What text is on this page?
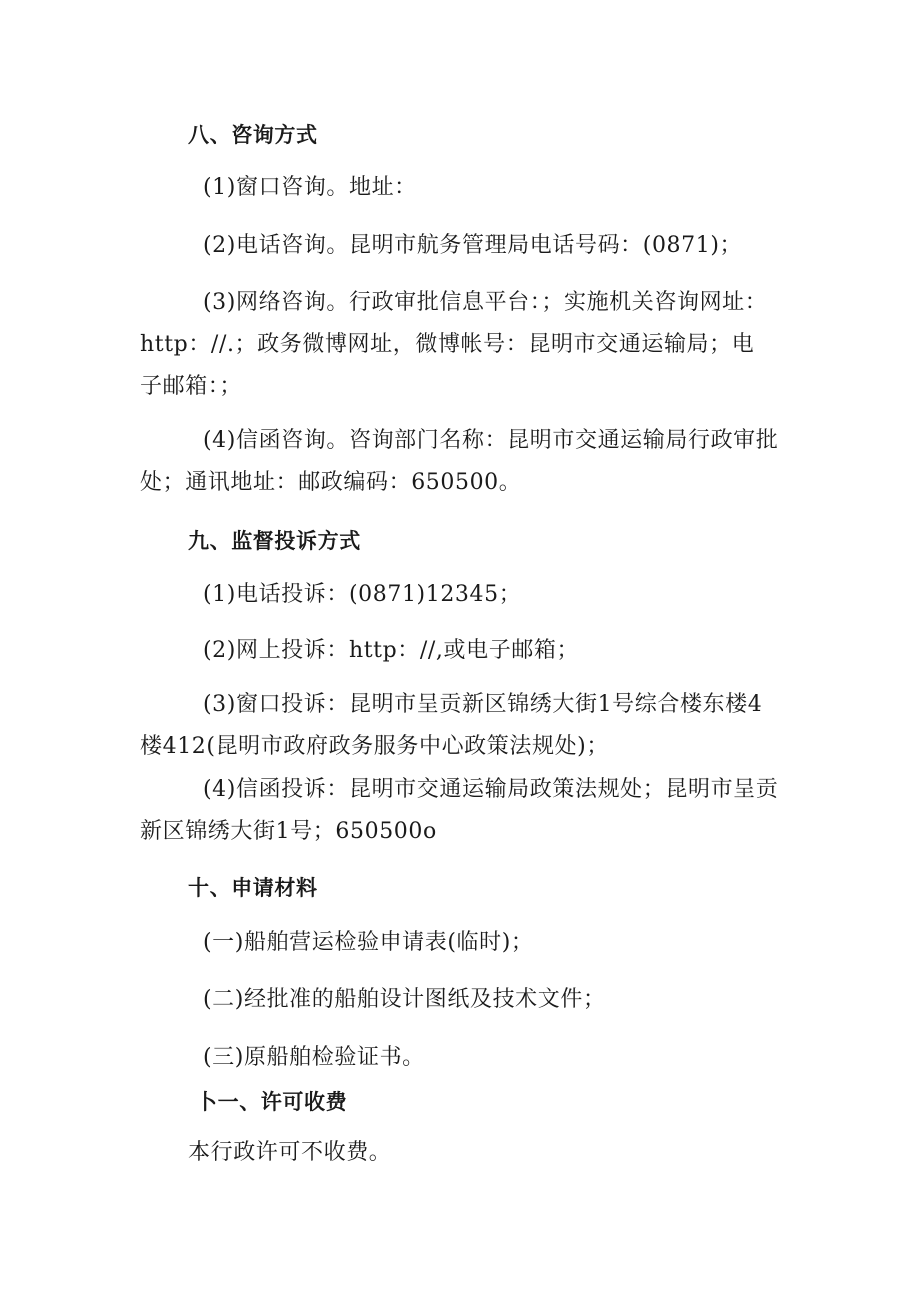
八、咨询方式
(1)窗口咨询。地址：
(2)电话咨询。昆明市航务管理局电话号码：(0871)；
(3)网络咨询。行政审批信息平台：；实施机关咨询网址：
http：//.；政务微博网址，微博帐号：昆明市交通运输局；电
子邮箱：；
(4)信函咨询。咨询部门名称：昆明市交通运输局行政审批
处；通讯地址：邮政编码：650500。
九、监督投诉方式
(1)电话投诉：(0871)12345；
(2)网上投诉：http：//,或电子邮箱；
(3)窗口投诉：昆明市呈贡新区锦绣大街1号综合楼东楼4
楼412(昆明市政府政务服务中心政策法规处)；
(4)信函投诉：昆明市交通运输局政策法规处；昆明市呈贡
新区锦绣大街1号；650500o
十、申请材料
(一)船舶营运检验申请表(临时)；
(二)经批准的船舶设计图纸及技术文件；
(三)原船舶检验证书。
卜一、许可收费
本行政许可不收费。
